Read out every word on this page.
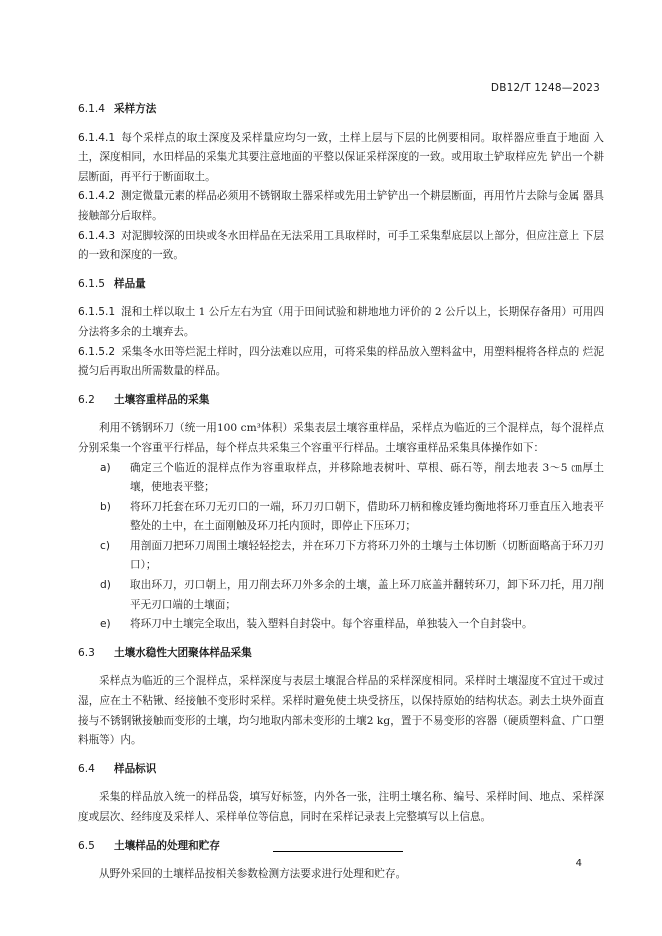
DB12/T 1248—2023

6.1.4 采样方法

6.1.4.1 每个采样点的取土深度及采样量应均匀一致，土样上层与下层的比例要相同。取样器应垂直于地面 入土，深度相同，水田样品的采集尤其要注意地面的平整以保证采样深度的一致。或用取土铲取样应先 铲出一个耕层断面，再平行于断面取土。

6.1.4.2 测定微量元素的样品必须用不锈钢取土器采样或先用土铲铲出一个耕层断面，再用竹片去除与金属 器具接触部分后取样。

6.1.4.3 对泥脚较深的田块或冬水田样品在无法采用工具取样时，可手工采集犁底层以上部分，但应注意上 下层的一致和深度的一致。

6.1.5 样品量

6.1.5.1 混和土样以取土 1 公斤左右为宜（用于田间试验和耕地地力评价的 2 公斤以上，长期保存备用）可用四分法将多余的土壤弃去。

6.1.5.2 采集冬水田等烂泥土样时，四分法难以应用，可将采集的样品放入塑料盆中，用塑料棍将各样点的 烂泥搅匀后再取出所需数量的样品。

6.2 土壤容重样品的采集

利用不锈钢环刀（统一用100 cm³体积）采集表层土壤容重样品，采样点为临近的三个混样点，每个混样点分别采集一个容重平行样品，每个样点共采集三个容重平行样品。土壤容重样品采集具体操作如下：

a) 确定三个临近的混样点作为容重取样点，并移除地表树叶、草根、砾石等，削去地表 3～5 ㎝厚土壤，使地表平整；

b) 将环刀托套在环刀无刃口的一端，环刀刃口朝下，借助环刀柄和橡皮锤均衡地将环刀垂直压入地表平整处的土中，在土面刚触及环刀托内顶时，即停止下压环刀；

c) 用剖面刀把环刀周围土壤轻轻挖去，并在环刀下方将环刀外的土壤与土体切断（切断面略高于环刀刃口）；

d) 取出环刀，刃口朝上，用刀削去环刀外多余的土壤，盖上环刀底盖并翻转环刀，卸下环刀托，用刀削平无刃口端的土壤面；

e) 将环刀中土壤完全取出，装入塑料自封袋中。每个容重样品，单独装入一个自封袋中。

6.3 土壤水稳性大团聚体样品采集

采样点为临近的三个混样点，采样深度与表层土壤混合样品的采样深度相同。采样时土壤湿度不宜过干或过湿，应在土不粘锹、经接触不变形时采样。采样时避免使土块受挤压，以保持原始的结构状态。剥去土块外面直接与不锈钢锹接触而变形的土壤，均匀地取内部未变形的土壤2 kg，置于不易变形的容器（硬质塑料盒、广口塑料瓶等）内。

6.4 样品标识

采集的样品放入统一的样品袋，填写好标签，内外各一张，注明土壤名称、编号、采样时间、地点、采样深度或层次、经纬度及采样人、采样单位等信息，同时在采样记录表上完整填写以上信息。

6.5 土壤样品的处理和贮存

从野外采回的土壤样品按相关参数检测方法要求进行处理和贮存。

4
